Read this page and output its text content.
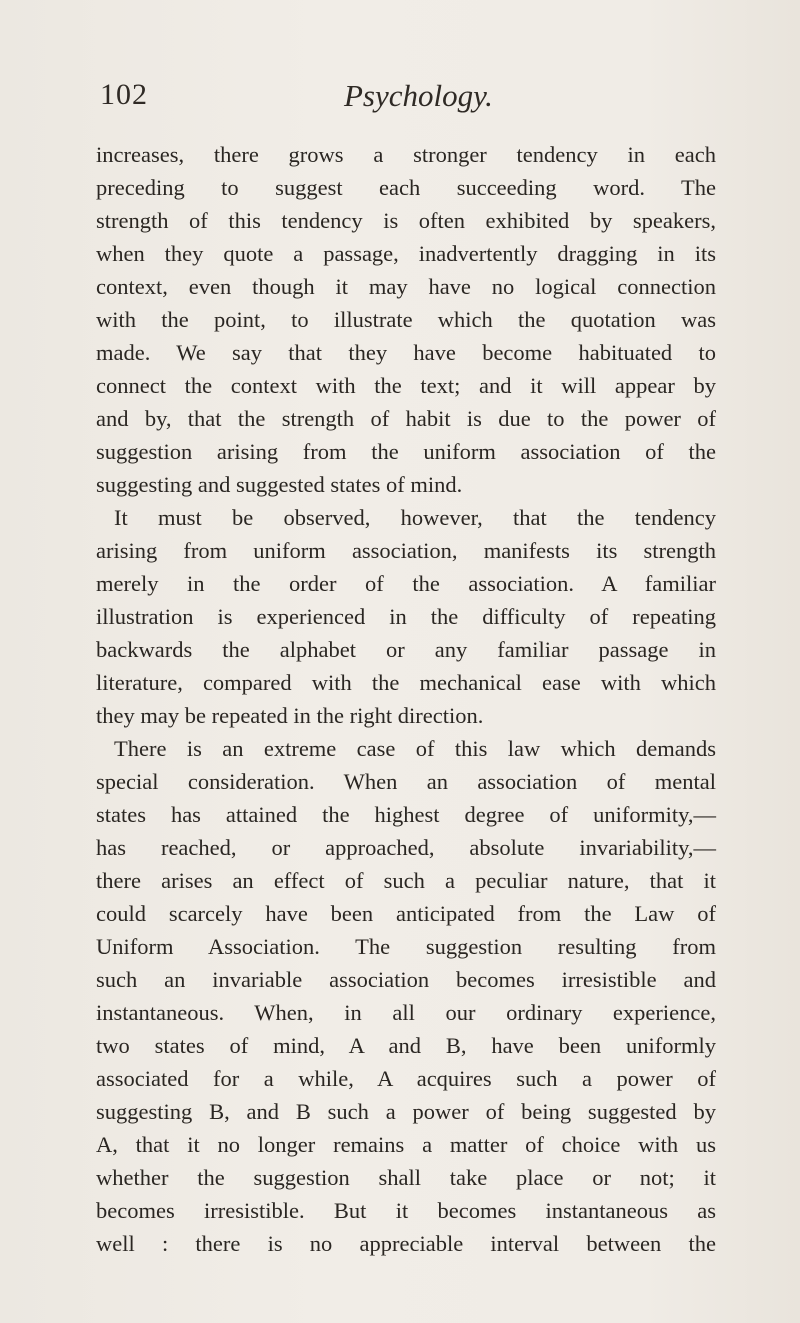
102	Psychology.
increases, there grows a stronger tendency in each
preceding to suggest each succeeding word. The
strength of this tendency is often exhibited by speakers,
when they quote a passage, inadvertently dragging in its
context, even though it may have no logical connection
with the point, to illustrate which the quotation was
made. We say that they have become habituated to
connect the context with the text; and it will appear by
and by, that the strength of habit is due to the power of
suggestion arising from the uniform association of the
suggesting and suggested states of mind.
It must be observed, however, that the tendency
arising from uniform association, manifests its strength
merely in the order of the association. A familiar
illustration is experienced in the difficulty of repeating
backwards the alphabet or any familiar passage in
literature, compared with the mechanical ease with which
they may be repeated in the right direction.
There is an extreme case of this law which demands
special consideration. When an association of mental
states has attained the highest degree of uniformity,—
has reached, or approached, absolute invariability,—
there arises an effect of such a peculiar nature, that it
could scarcely have been anticipated from the Law of
Uniform Association. The suggestion resulting from
such an invariable association becomes irresistible and
instantaneous. When, in all our ordinary experience,
two states of mind, A and B, have been uniformly
associated for a while, A acquires such a power of
suggesting B, and B such a power of being suggested by
A, that it no longer remains a matter of choice with us
whether the suggestion shall take place or not; it
becomes irresistible. But it becomes instantaneous as
well : there is no appreciable interval between the
